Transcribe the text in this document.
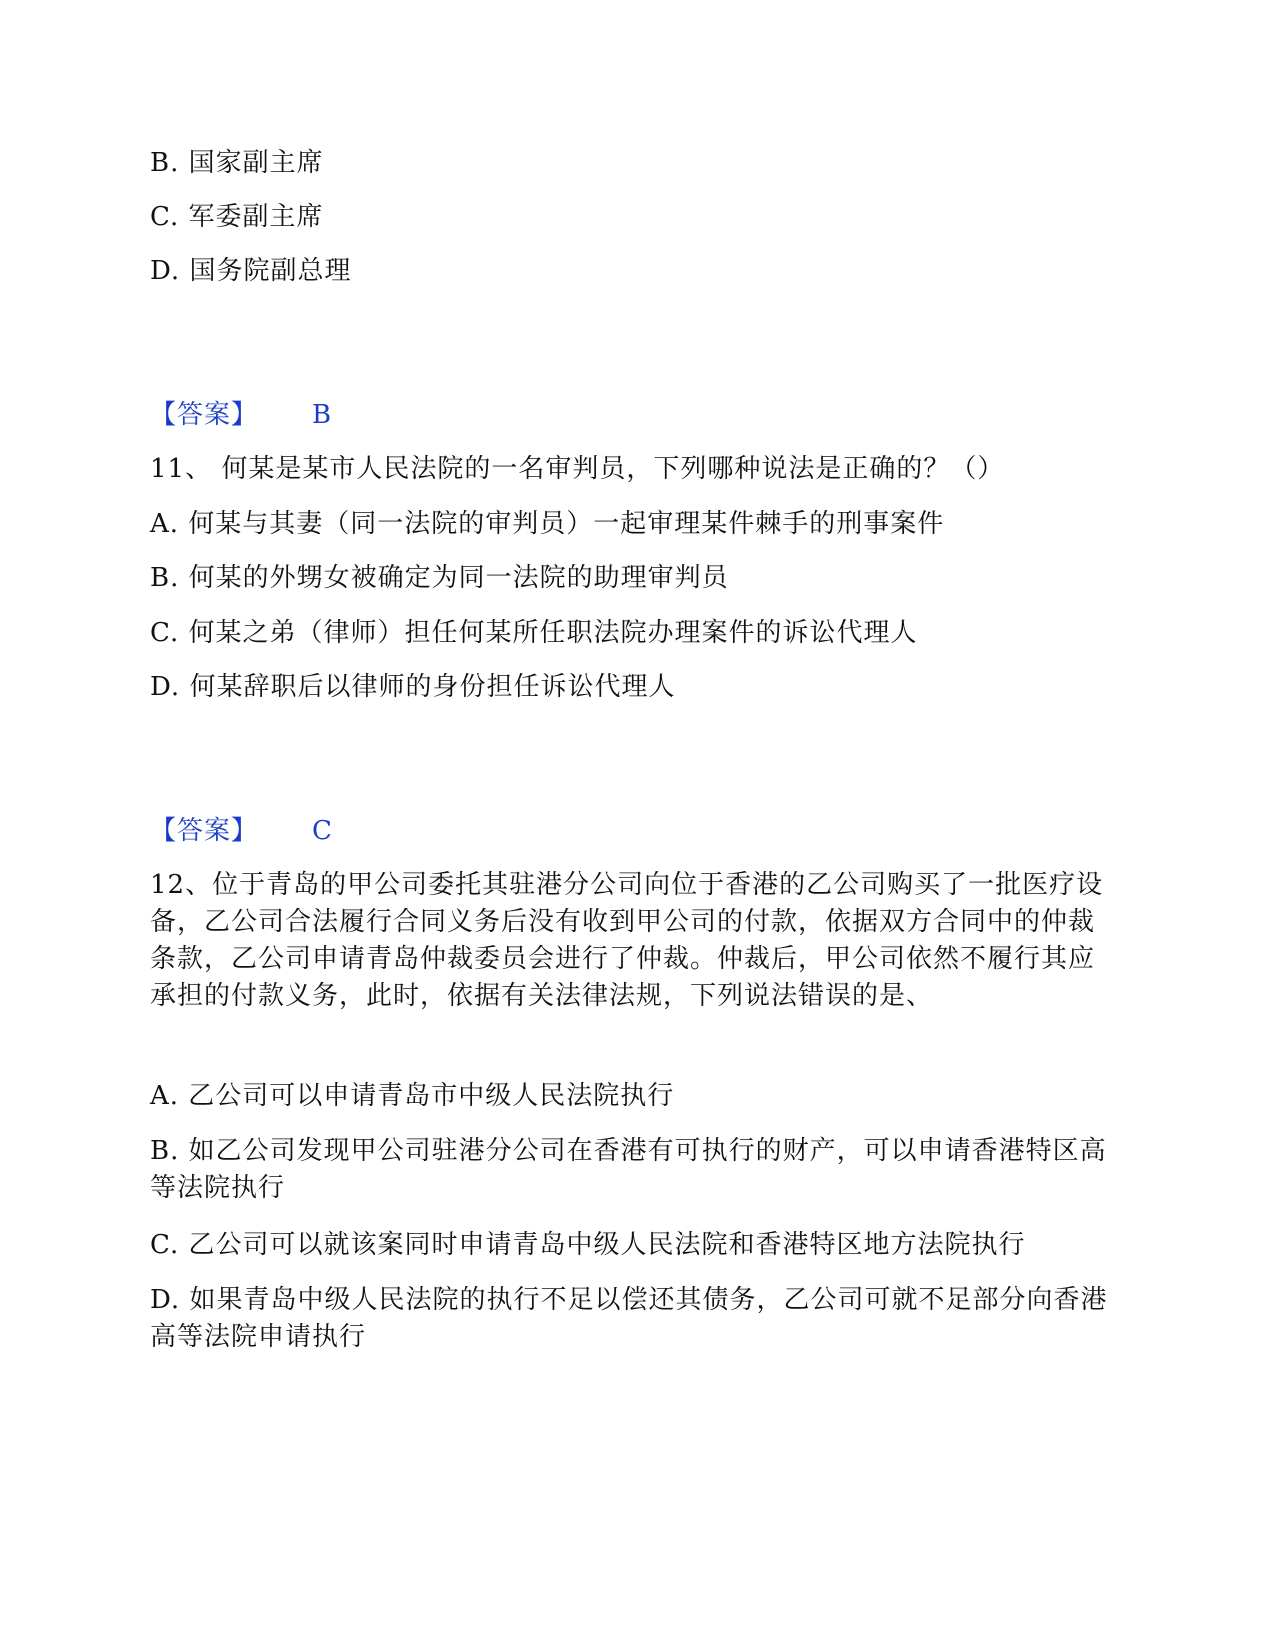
B. 国家副主席
C. 军委副主席
D. 国务院副总理
【答案】 B
11、 何某是某市人民法院的一名审判员，下列哪种说法是正确的？（）
A. 何某与其妻（同一法院的审判员）一起审理某件棘手的刑事案件
B. 何某的外甥女被确定为同一法院的助理审判员
C. 何某之弟（律师）担任何某所任职法院办理案件的诉讼代理人
D. 何某辞职后以律师的身份担任诉讼代理人
【答案】 C
12、位于青岛的甲公司委托其驻港分公司向位于香港的乙公司购买了一批医疗设备，乙公司合法履行合同义务后没有收到甲公司的付款，依据双方合同中的仲裁条款，乙公司申请青岛仲裁委员会进行了仲裁。仲裁后，甲公司依然不履行其应承担的付款义务，此时，依据有关法律法规，下列说法错误的是、
A. 乙公司可以申请青岛市中级人民法院执行
B. 如乙公司发现甲公司驻港分公司在香港有可执行的财产，可以申请香港特区高等法院执行
C. 乙公司可以就该案同时申请青岛中级人民法院和香港特区地方法院执行
D. 如果青岛中级人民法院的执行不足以偿还其债务，乙公司可就不足部分向香港高等法院申请执行
